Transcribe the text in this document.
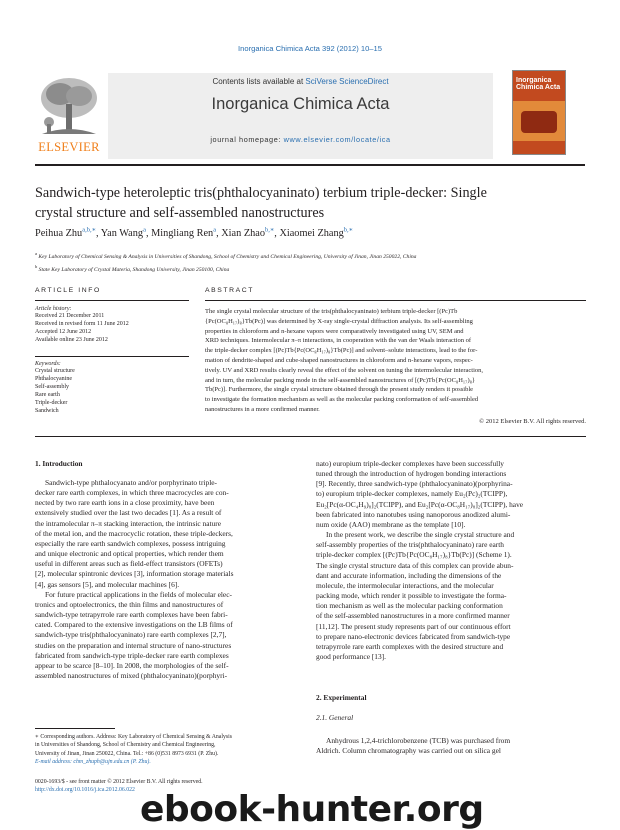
Inorganica Chimica Acta 392 (2012) 10–15
Contents lists available at SciVerse ScienceDirect
Inorganica Chimica Acta
journal homepage: www.elsevier.com/locate/ica
ELSEVIER
Inorganica
Chimica Acta
Sandwich-type heteroleptic tris(phthalocyaninato) terbium triple-decker: Single
crystal structure and self-assembled nanostructures
Peihua Zhu$^{a,b,∗}$, Yan Wang$^a$, Mingliang Ren$^a$, Xian Zhao$^{b,∗}$, Xiaomei Zhang$^{b,∗}$
$^a$ Key Laboratory of Chemical Sensing & Analysis in Universities of Shandong, School of Chemistry and Chemical Engineering, University of Jinan, Jinan 250022, China
$^b$ State Key Laboratory of Crystal Materia, Shandong University, Jinan 250100, China
ARTICLE INFO
Article history:
Received 21 December 2011
Received in revised form 11 June 2012
Accepted 12 June 2012
Available online 23 June 2012
Keywords:
Crystal structure
Phthalocyanine
Self-assembly
Rare earth
Triple-decker
Sandwich
ABSTRACT
The single crystal molecular structure of the tris(phthalocyaninato) terbium triple-decker [(Pc)Tb
{Pc(OC₈H₁₇)₈}Tb(Pc)] was determined by X-ray single-crystal diffraction analysis. Its self-assembling
properties in chloroform and n-hexane vapors were comparatively investigated using UV, SEM and
XRD techniques. Intermolecular π–π interactions, in cooperation with the van der Waals interaction of
the triple-decker complex [(Pc)Tb{Pc(OC₈H₁₇)₈}Tb(Pc)] and solvent–solute interactions, lead to the for-
mation of dendrite-shaped and cube-shaped nanostructures in chloroform and n-hexane vapors, respec-
tively. UV and XRD results clearly reveal the effect of the solvent on tuning the intermolecular interaction,
and in turn, the molecular packing mode in the self-assembled nanostructures of [(Pc)Tb{Pc(OC₈H₁₇)₈}
Tb(Pc)]. Furthermore, the single crystal structure obtained through the present study renders it possible
to investigate the formation mechanism as well as the molecular packing conformation of self-assembled
nanostructures in a more confirmed manner.
© 2012 Elsevier B.V. All rights reserved.
1. Introduction
Sandwich-type phthalocyanato and/or porphyrinato triple-
decker rare earth complexes, in which three macrocycles are con-
nected by two rare earth ions in a close proximity, have been
extensively studied over the last two decades [1]. As a result of
the intramolecular π–π stacking interaction, the intrinsic nature
of the metal ion, and the macrocyclic rotation, these triple-deckers,
especially the rare earth sandwich complexes, possess intriguing
and unique electronic and optical properties, which render them
useful in different areas such as field-effect transistors (OFETs)
[2], molecular spintronic devices [3], information storage materials
[4], gas sensors [5], and molecular machines [6].
For future practical applications in the fields of molecular elec-
tronics and optoelectronics, the thin films and nanostructures of
sandwich-type tetrapyrrole rare earth complexes have been fabri-
cated. Compared to the extensive investigations on the LB films of
sandwich-type tris(phthalocyaninato) rare earth complexes [2,7],
studies on the preparation and internal structure of nano-structures
fabricated from sandwich-type triple-decker rare earth complexes
appear to be scarce [8–10]. In 2008, the morphologies of the self-
assembled nanostructures of mixed (phthalocyaninato)(porphyri-
∗ Corresponding authors. Address: Key Laboratory of Chemical Sensing & Analysis
in Universities of Shandong, School of Chemistry and Chemical Engineering,
University of Jinan, Jinan 250022, China. Tel.: +86 (0)531 8973 6931 (P. Zhu).
E-mail address: chm_zhuph@ujn.edu.cn (P. Zhu).
0020-1693/$ - see front matter © 2012 Elsevier B.V. All rights reserved.
http://dx.doi.org/10.1016/j.ica.2012.06.022
nato) europium triple-decker complexes have been successfully
tuned through the introduction of hydrogen bonding interactions
[9]. Recently, three sandwich-type (phthalocyaninato)(porphyrina-
to) europium triple-decker complexes, namely Eu₂(Pc)₂(TCIPP),
Eu₂[Pc(α-OC₄H₉)₈]₂(TCIPP), and Eu₂[Pc(α-OC₈H₁₇)₈]₂(TCIPP), have
been fabricated into nanotubes using nanoporous anodized alumi-
num oxide (AAO) membrane as the template [10].
In the present work, we describe the single crystal structure and
self-assembly properties of the tris(phthalocyaninato) rare earth
triple-decker complex [(Pc)Tb{Pc(OC₈H₁₇)₈}Tb(Pc)] (Scheme 1).
The single crystal structure data of this complex can provide abun-
dant and accurate information, including the dimensions of the
molecule, the intermolecular interactions, and the molecular
packing mode, which render it possible to investigate the forma-
tion mechanism as well as the molecular packing conformation
of the self-assembled nanostructures in a more confirmed manner
[11,12]. The present study represents part of our continuous effort
to prepare nano-electronic devices fabricated from sandwich-type
tetrapyrrole rare earth complexes with the desired structure and
good performance [13].
2. Experimental
2.1. General
Anhydrous 1,2,4-trichlorobenzene (TCB) was purchased from
Aldrich. Column chromatography was carried out on silica gel
ebook-hunter.org
